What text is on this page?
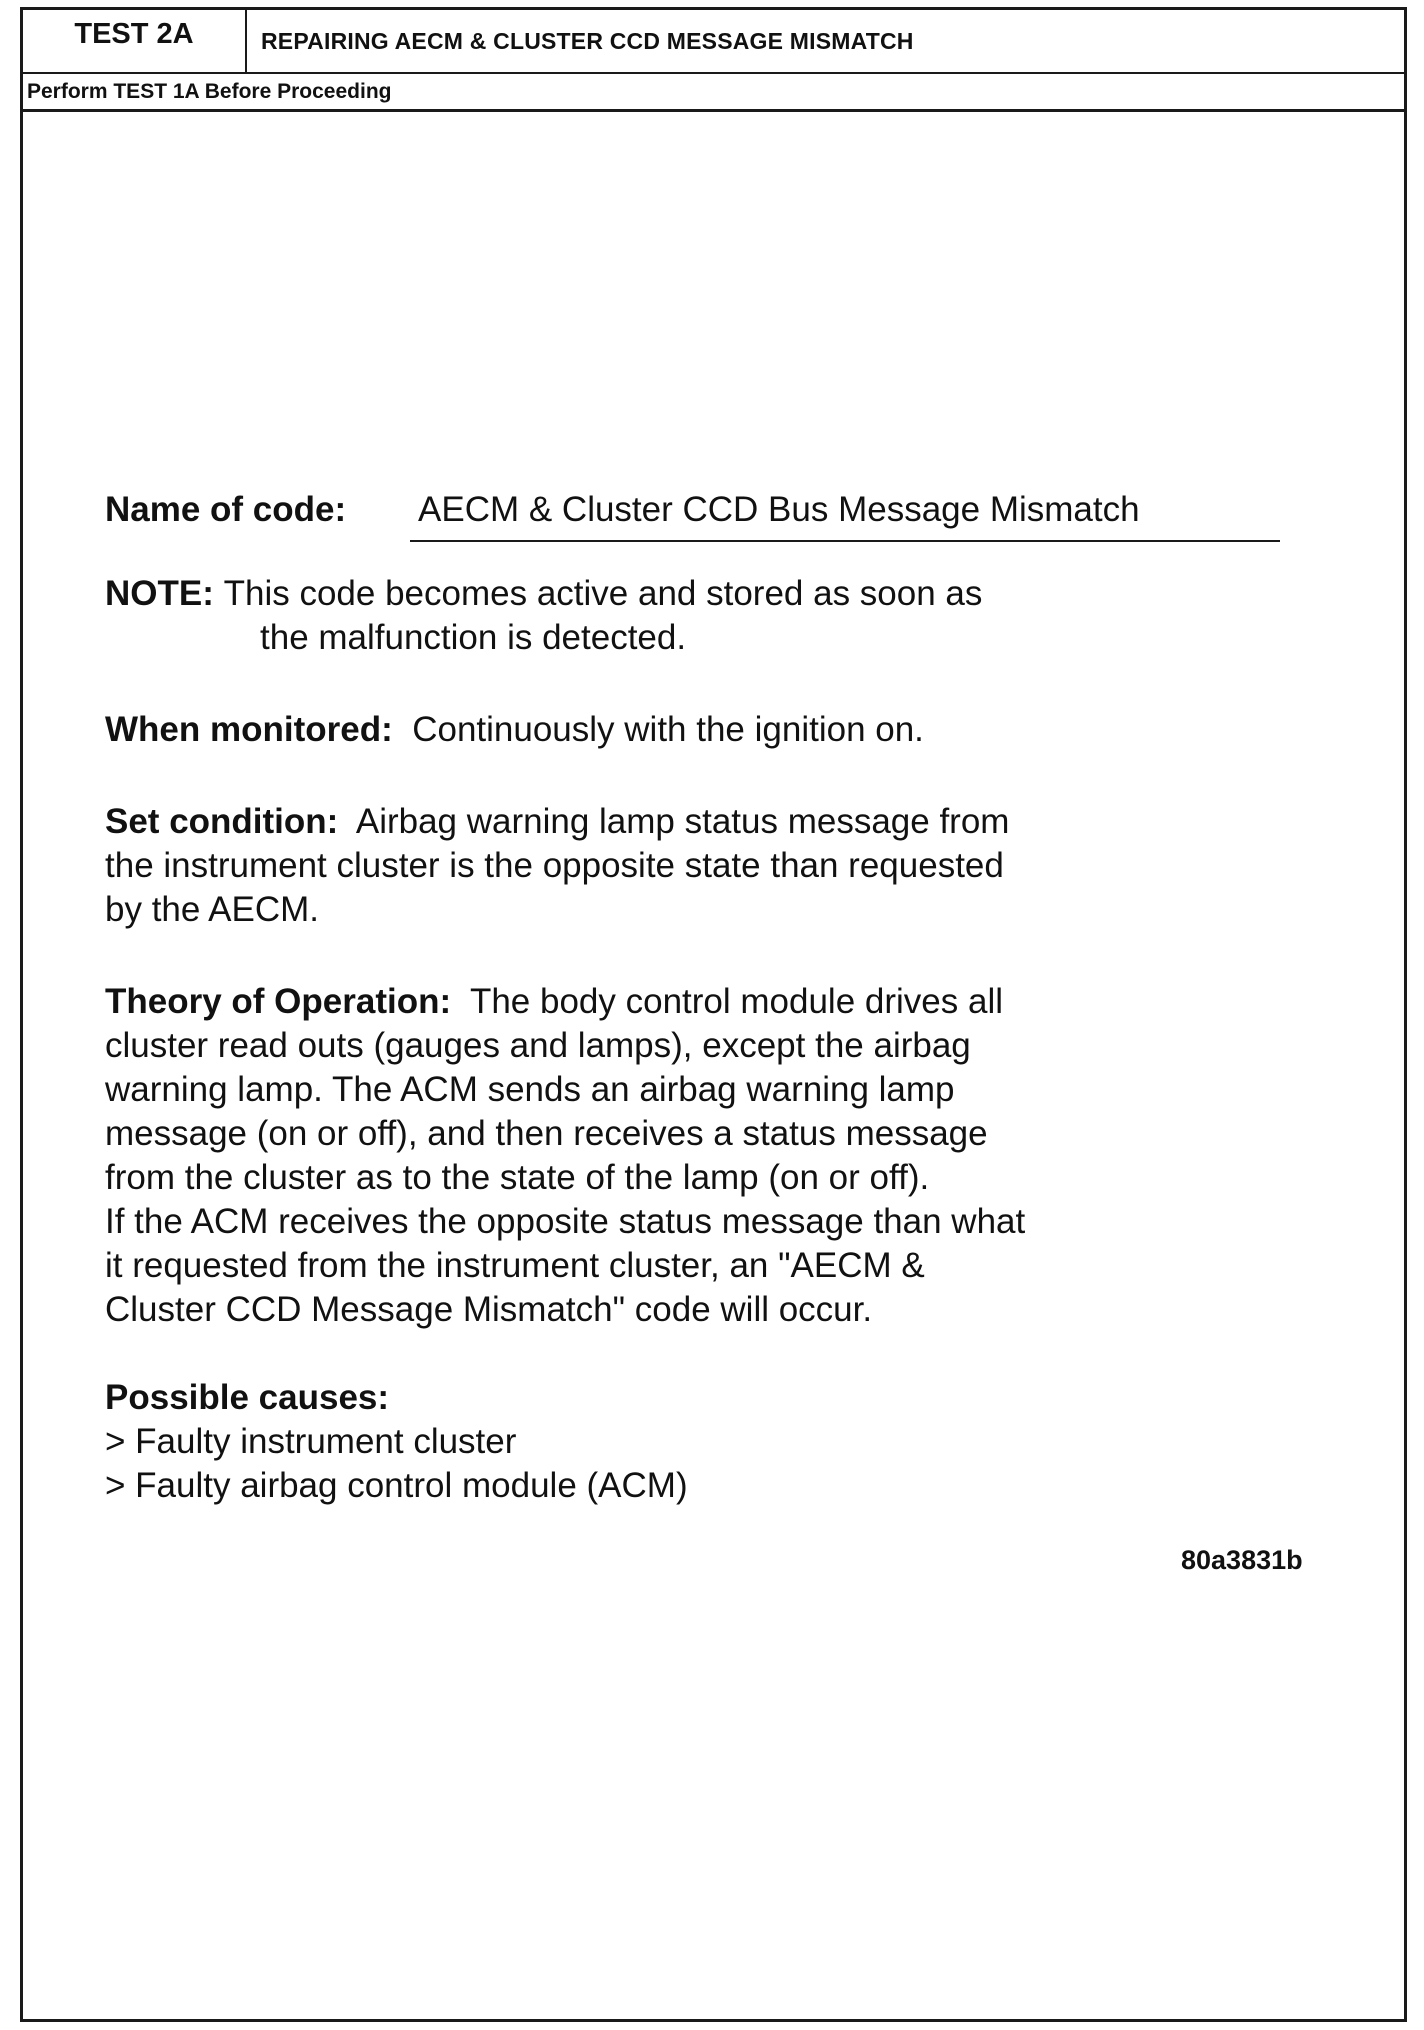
TEST 2A	REPAIRING AECM & CLUSTER CCD MESSAGE MISMATCH
Perform TEST 1A Before Proceeding
Name of code: AECM & Cluster CCD Bus Message Mismatch
NOTE: This code becomes active and stored as soon as
the malfunction is detected.
When monitored: Continuously with the ignition on.
Set condition: Airbag warning lamp status message from
the instrument cluster is the opposite state than requested
by the AECM.
Theory of Operation: The body control module drives all
cluster read outs (gauges and lamps), except the airbag
warning lamp. The ACM sends an airbag warning lamp
message (on or off), and then receives a status message
from the cluster as to the state of the lamp (on or off).
If the ACM receives the opposite status message than what
it requested from the instrument cluster, an "AECM &
Cluster CCD Message Mismatch" code will occur.
Possible causes:
> Faulty instrument cluster
> Faulty airbag control module (ACM)
80a3831b
